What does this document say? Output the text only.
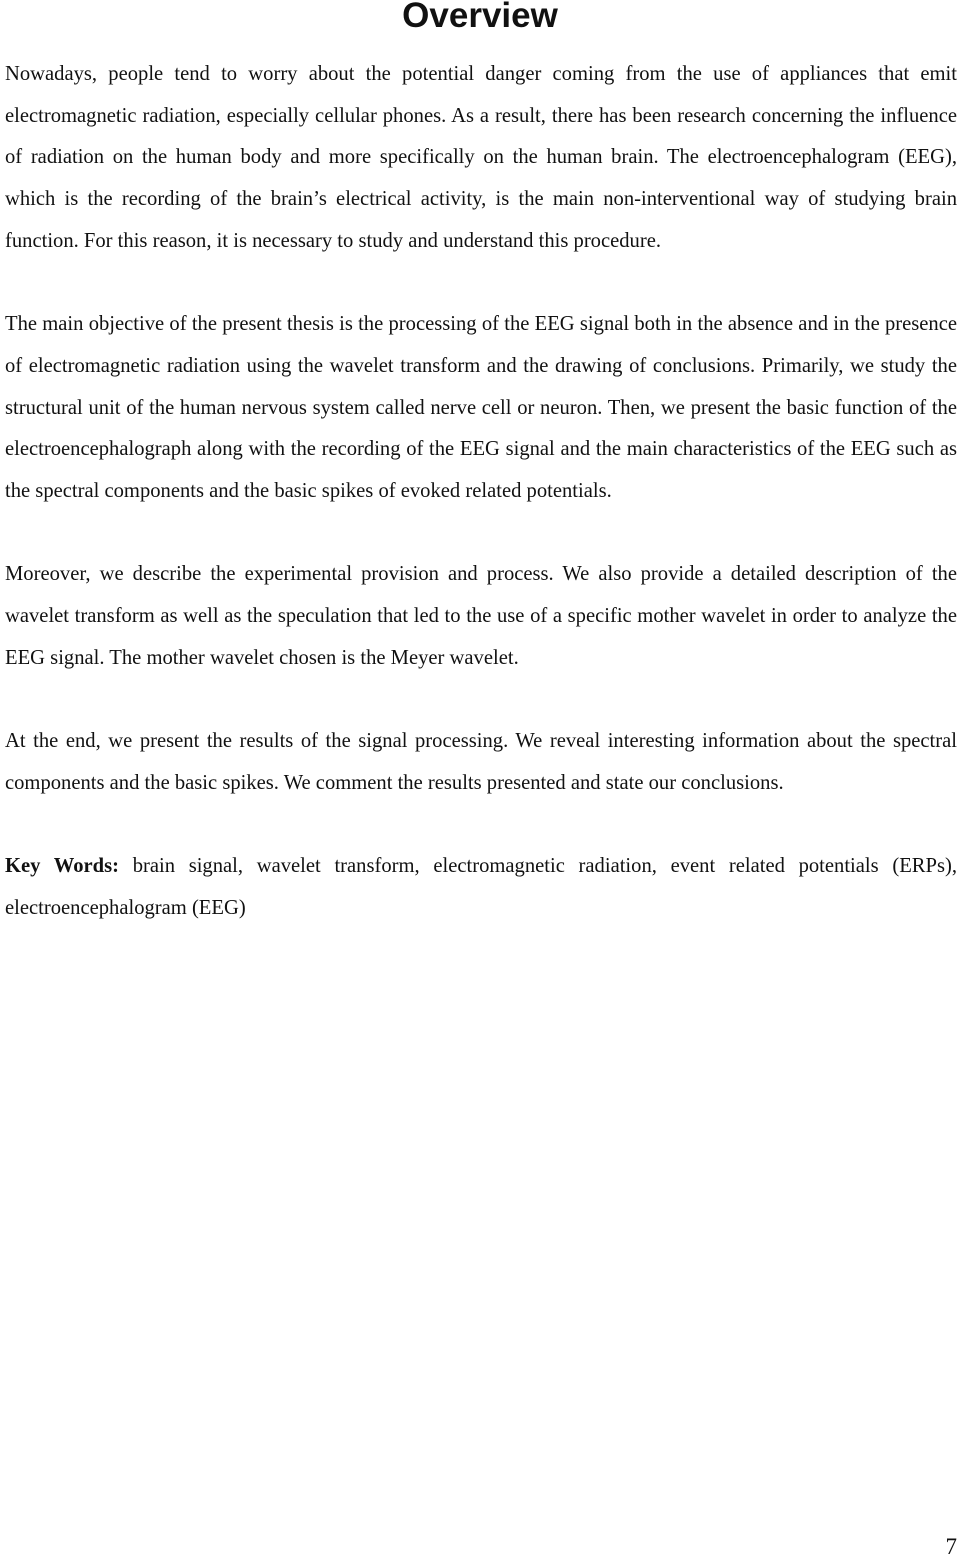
Overview

Nowadays, people tend to worry about the potential danger coming from the use of appliances that emit electromagnetic radiation, especially cellular phones. As a result, there has been research concerning the influence of radiation on the human body and more specifically on the human brain. The electroencephalogram (EEG), which is the recording of the brain’s electrical activity, is the main non-interventional way of studying brain function. For this reason, it is necessary to study and understand this procedure.

The main objective of the present thesis is the processing of the EEG signal both in the absence and in the presence of electromagnetic radiation using the wavelet transform and the drawing of conclusions. Primarily, we study the structural unit of the human nervous system called nerve cell or neuron. Then, we present the basic function of the electroencephalograph along with the recording of the EEG signal and the main characteristics of the EEG such as the spectral components and the basic spikes of evoked related potentials.

Moreover, we describe the experimental provision and process. We also provide a detailed description of the wavelet transform as well as the speculation that led to the use of a specific mother wavelet in order to analyze the EEG signal. The mother wavelet chosen is the Meyer wavelet.

At the end, we present the results of the signal processing. We reveal interesting information about the spectral components and the basic spikes. We comment the results presented and state our conclusions.

Key Words: brain signal, wavelet transform, electromagnetic radiation, event related potentials (ERPs), electroencephalogram (EEG)

7
